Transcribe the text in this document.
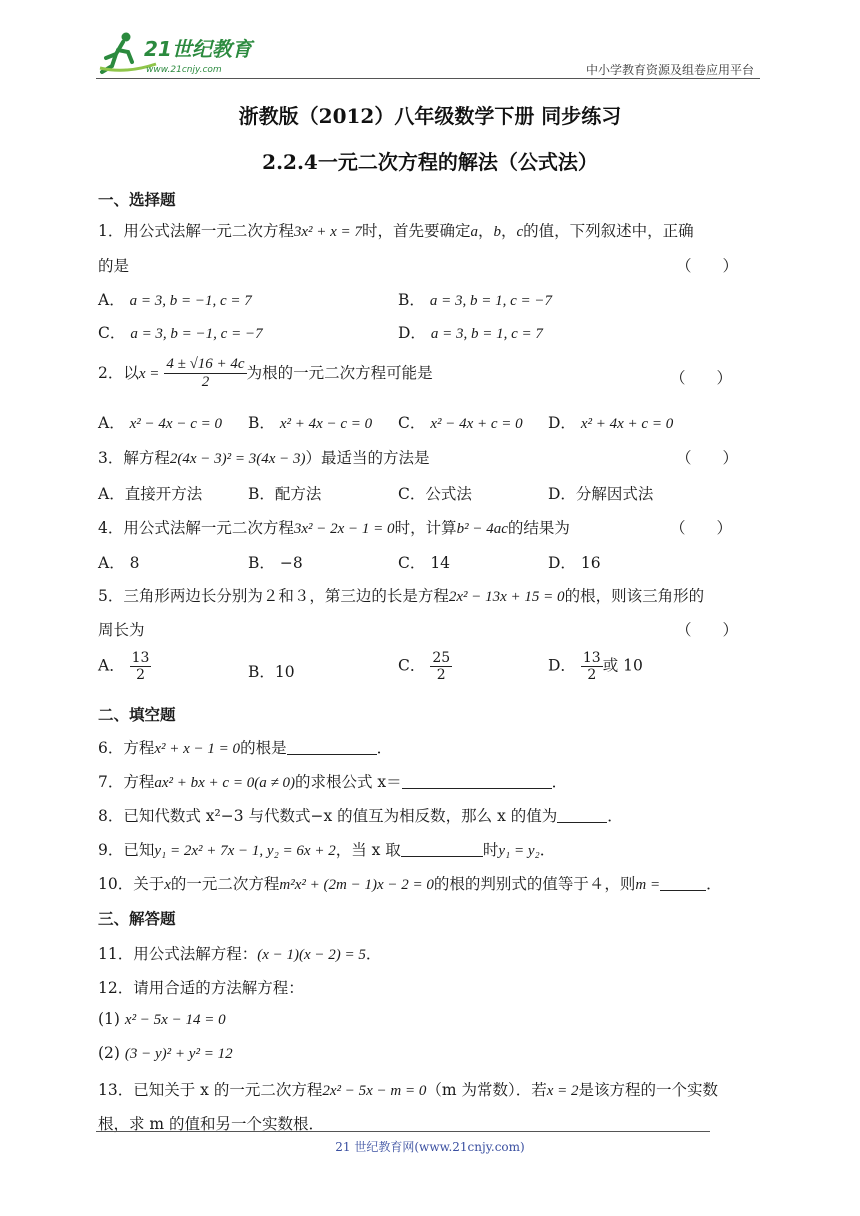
21世纪教育
www.21cnjy.com	中小学教育资源及组卷应用平台
浙教版（2012）八年级数学下册 同步练习
2.2.4一元二次方程的解法（公式法）
一、选择题
1．用公式法解一元二次方程3x² + x = 7时，首先要确定a，b，c的值，下列叙述中，正确
的是	（　　）
A． a = 3, b = −1, c = 7	B． a = 3, b = 1, c = −7
C． a = 3, b = −1, c = −7	D． a = 3, b = 1, c = 7
2．以$x = \frac{4 \pm √16 + 4c}{2}$ 为根的一元二次方程可能是	（　　）
A． x² − 4x − c = 0 B． x² + 4x − c = 0 C． x² − 4x + c = 0 D． x² + 4x + c = 0
3．解方程2(4x − 3)² = 3(4x − 3)）最适当的方法是	（　　）
A．直接开方法	B．配方法	C．公式法	D．分解因式法
4．用公式法解一元二次方程3x² − 2x − 1 = 0时，计算b² − 4ac的结果为	（　　）
A． 8	B． −8	C． 14	D． 16
5．三角形两边长分别为２和３，第三边的长是方程2x² − 13x + 15 = 0的根，则该三角形的
周长为	（　　）
A． $\frac{13}{2}$	B．10	C． $\frac{25}{2}$	D． $\frac{13}{2}$ 或 10
二、填空题
6．方程x² + x − 1 = 0的根是	．
7．方程ax² + bx + c = 0(a ≠ 0)的求根公式 x＝	．
8．已知代数式 x²−3 与代数式−x 的值互为相反数，那么 x 的值为	．
9．已知y₁ = 2x² + 7x − 1, y₂ = 6x + 2，当 x 取	时y₁ = y₂．
10．关于x的一元二次方程m²x² + (2m − 1)x − 2 = 0的根的判别式的值等于４，则m =	．
三、解答题
11．用公式法解方程：(x − 1)(x − 2) = 5．
12．请用合适的方法解方程：
(1) x² − 5x − 14 = 0
(2) (3 − y)² + y² = 12
13．已知关于 x 的一元二次方程2x² − 5x − m = 0（m 为常数）．若x = 2是该方程的一个实数
根，求 m 的值和另一个实数根．
21 世纪教育网(www.21cnjy.com)
